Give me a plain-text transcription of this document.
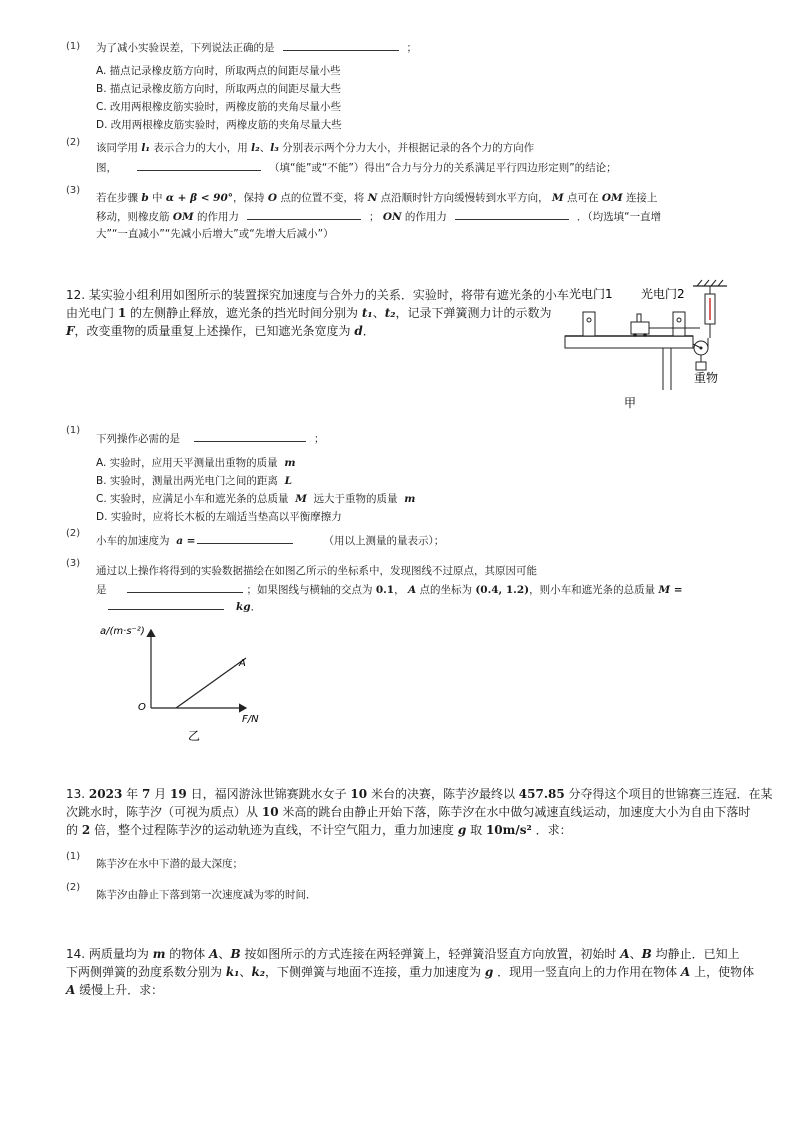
(1) 为了减小实验误差，下列说法正确的是	；
A. 描点记录橡皮筋方向时，所取两点的间距尽量小些
B. 描点记录橡皮筋方向时，所取两点的间距尽量大些
C. 改用两根橡皮筋实验时，两橡皮筋的夹角尽量小些
D. 改用两根橡皮筋实验时，两橡皮筋的夹角尽量大些
(2) 该同学用 l₁ 表示合力的大小，用 l₂、l₃ 分别表示两个分力大小，并根据记录的各个力的方向作
图，	（填“能”或“不能”）得出“合力与分力的关系满足平行四边形定则”的结论；
(3)
若在步骤 b 中 α + β < 90°，保持 O 点的位置不变，将 N 点沿顺时针方向缓慢转到水平方向， M 点可在 OM 连接上
移动，则橡皮筋 OM 的作用力	； ON 的作用力	．（均选填“一直增
大”“一直减小”“先减小后增大”或“先增大后减小”）
12. 某实验小组利用如图所示的装置探究加速度与合外力的关系．实验时，将带有遮光条的小车
由光电门 1 的左侧静止释放，遮光条的挡光时间分别为 t₁、t₂，记录下弹簧测力计的示数为
F，改变重物的质量重复上述操作，已知遮光条宽度为 d．
光电门1 光电门2
重物
甲
(1)
下列操作必需的是	；
A. 实验时，应用天平测量出重物的质量 m
B. 实验时，测量出两光电门之间的距离 L
C. 实验时，应满足小车和遮光条的总质量 M 远大于重物的质量 m
D. 实验时，应将长木板的左端适当垫高以平衡摩擦力
(2)
小车的加速度为 a =	（用以上测量的量表示）；
(3)
通过以上操作将得到的实验数据描绘在如图乙所示的坐标系中，发现图线不过原点，其原因可能
是	；如果图线与横轴的交点为 0.1， A 点的坐标为 (0.4, 1.2)，则小车和遮光条的总质量 M =
kg．
a/(m·s⁻²)
F/N
O
A
乙
13. 2023 年 7 月 19 日，福冈游泳世锦赛跳水女子 10 米台的决赛，陈芋汐最终以 457.85 分夺得这个项目的世锦赛三连冠．在某
次跳水时，陈芋汐（可视为质点）从 10 米高的跳台由静止开始下落，陈芋汐在水中做匀减速直线运动，加速度大小为自由下落时
的 2 倍，整个过程陈芋汐的运动轨迹为直线，不计空气阻力，重力加速度 g 取 10m/s² ．求：
(1)
陈芋汐在水中下潜的最大深度；
(2)
陈芋汐由静止下落到第一次速度减为零的时间．
14. 两质量均为 m 的物体 A、B 按如图所示的方式连接在两轻弹簧上，轻弹簧沿竖直方向放置，初始时 A、B 均静止．已知上
下两侧弹簧的劲度系数分别为 k₁、k₂，下侧弹簧与地面不连接，重力加速度为 g ．现用一竖直向上的力作用在物体 A 上，使物体
A 缓慢上升．求：
